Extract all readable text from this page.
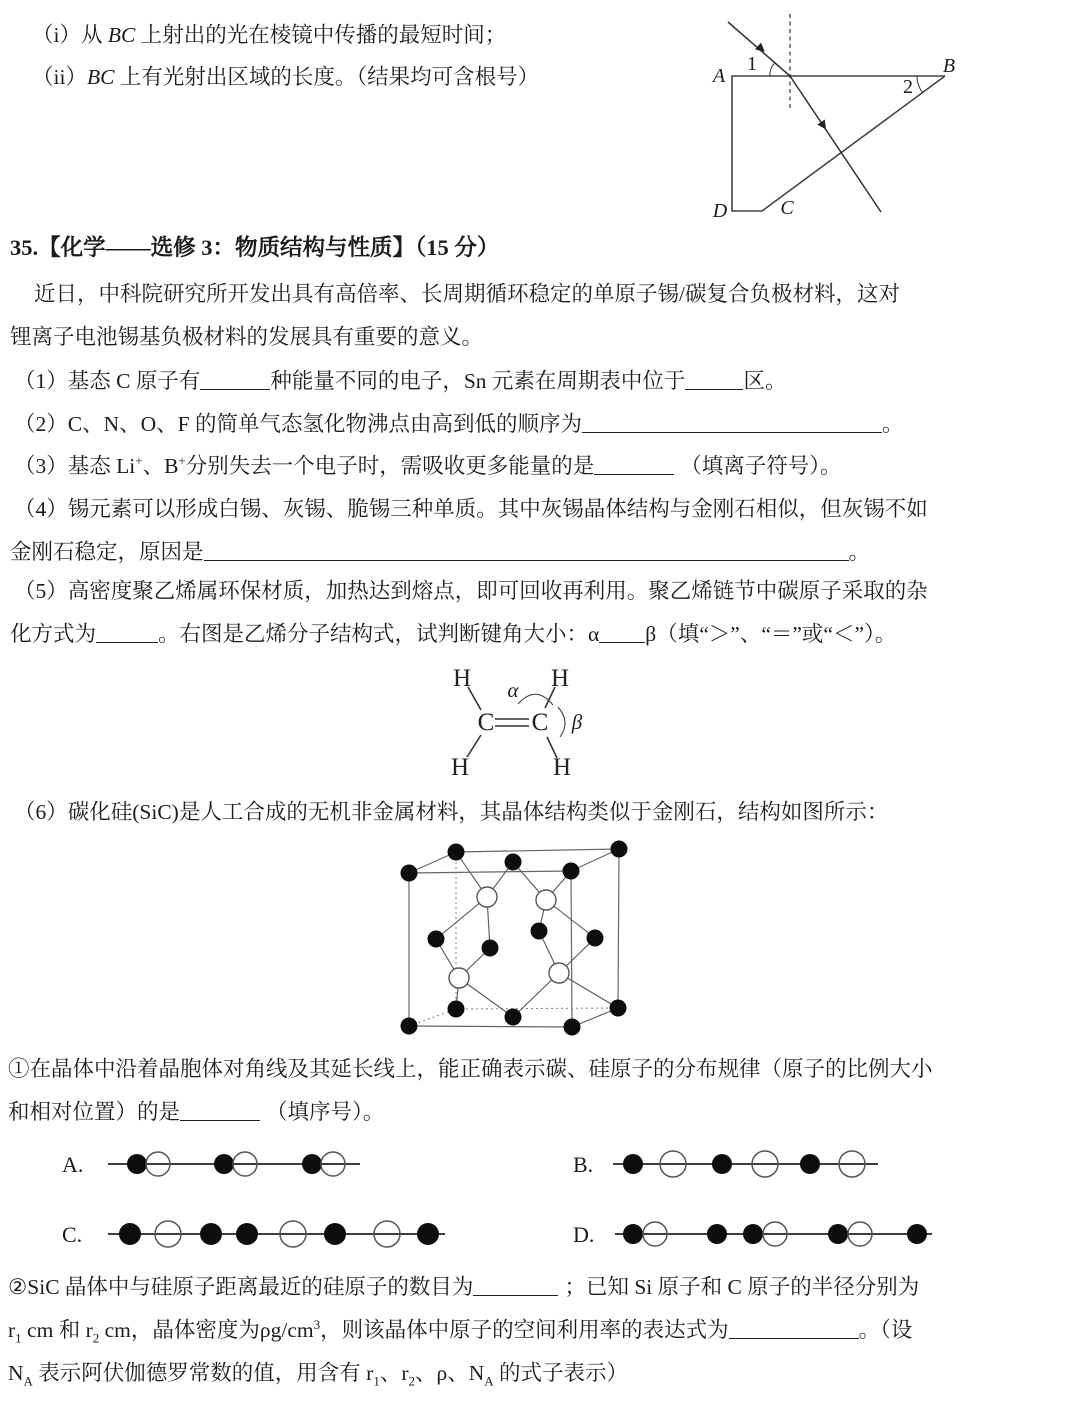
（i）从 BC 上射出的光在棱镜中传播的最短时间；
（ii）BC 上有光射出区域的长度。（结果均可含根号）	A	B
C
D
1
2
35.【化学——选修 3：物质结构与性质】（15 分）
近日，中科院研究所开发出具有高倍率、长周期循环稳定的单原子锡/碳复合负极材料，这对
锂离子电池锡基负极材料的发展具有重要的意义。
（1）基态 C 原子有	种能量不同的电子，Sn 元素在周期表中位于	区。
（2）C、N、O、F 的简单气态氢化物沸点由高到低的顺序为	。
（3）基态 Li+、B+分别失去一个电子时，需吸收更多能量的是	（填离子符号）。
（4）锡元素可以形成白锡、灰锡、脆锡三种单质。其中灰锡晶体结构与金刚石相似，但灰锡不如
金刚石稳定，原因是	。
（5）高密度聚乙烯属环保材质，加热达到熔点，即可回收再利用。聚乙烯链节中碳原子采取的杂
化方式为	。右图是乙烯分子结构式，试判断键角大小：α β（填“＞”、“＝”或“＜”）。
H	H
H	H
C C
α
β
（6）碳化硅(SiC)是人工合成的无机非金属材料，其晶体结构类似于金刚石，结构如图所示：
①在晶体中沿着晶胞体对角线及其延长线上，能正确表示碳、硅原子的分布规律（原子的比例大小
和相对位置）的是	（填序号）。
A.	B.
C.	D.
②SiC 晶体中与硅原子距离最近的硅原子的数目为	；已知 Si 原子和 C 原子的半径分别为
$r_1$ cm 和 $r_2$ cm，晶体密度为$\rho g/cm^3$，则该晶体中原子的空间利用率的表达式为	。（设
$N_A$ 表示阿伏伽德罗常数的值，用含有 $r_1$、$r_2$、ρ、$N_A$ 的式子表示）
